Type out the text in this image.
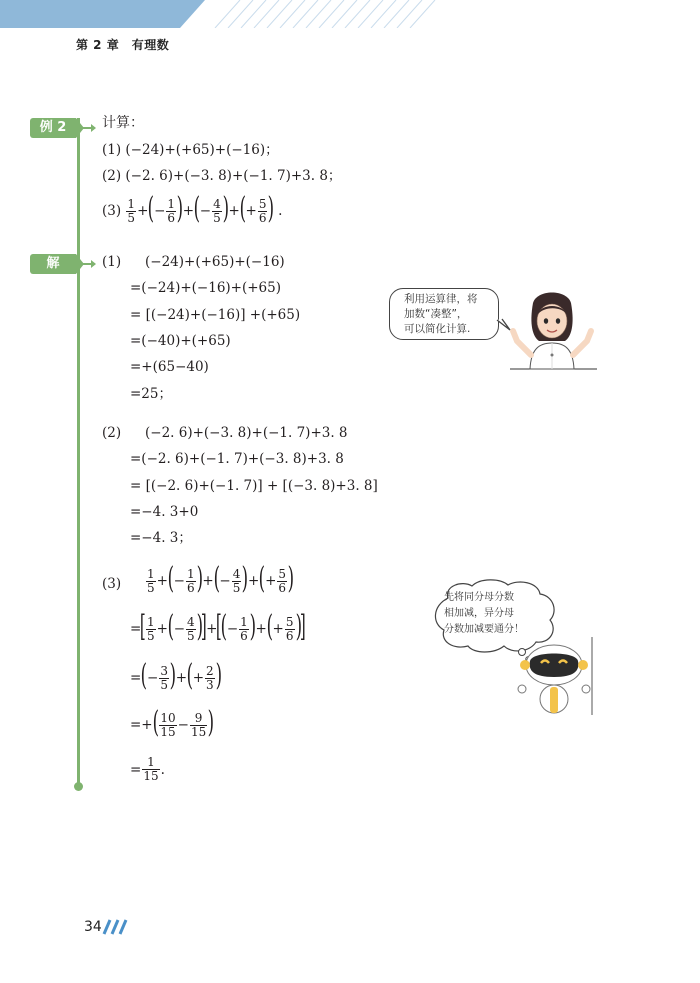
第 2 章　有理数
例 2
解
计算：
(1) (−24)+(+65)+(−16)；
(2) (−2. 6)+(−3. 8)+(−1. 7)+3. 8；
(3)
1
5 + ( − 1
6 ) + ( − 4
5 ) + ( + 5
6 ) .
(1) (−24)+(+65)+(−16)
=(−24)+(−16)+(+65)
= [(−24)+(−16)] +(+65)
=(−40)+(+65)
=+(65−40)
=25；
利用运算律，将
加数“凑整”，
可以简化计算.
(2) (−2. 6)+(−3. 8)+(−1. 7)+3. 8
=(−2. 6)+(−1. 7)+(−3. 8)+3. 8
= [(−2. 6)+(−1. 7)] + [(−3. 8)+3. 8]
=−4. 3+0
=−4. 3；
(3)
1
5 + ( − 1
6 ) + ( − 4
5 ) + ( + 5
6 )
=
[ 1
5 + ( − 4
5 )
]
+
[
( − 1
6 ) + ( + 5
6 )
]
= ( − 3
5 ) + ( + 2
3 )
=+ ( 10
15 − 9
15 )
= 1
15 .
先将同分母分数
相加减，异分母
分数加减要通分！
34
